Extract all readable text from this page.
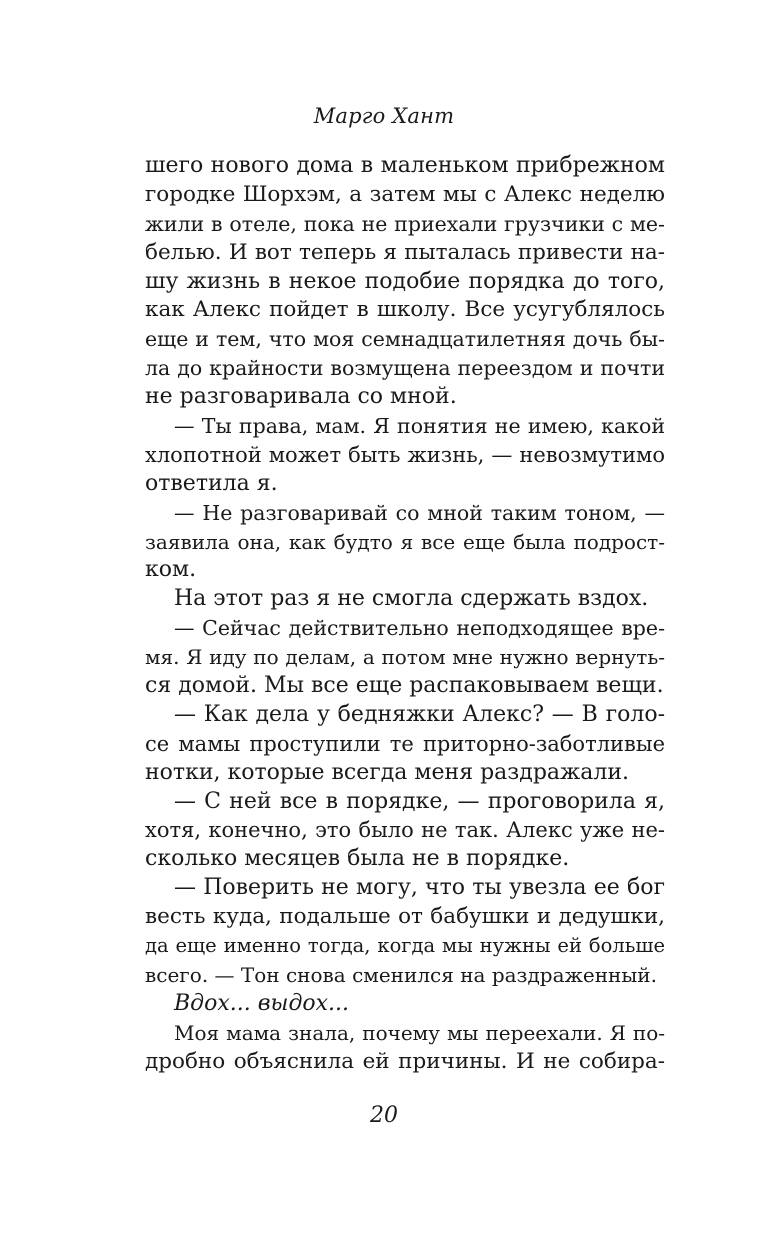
Марго Хант
шего нового дома в маленьком прибрежном
городке Шорхэм, а затем мы с Алекс неделю
жили в отеле, пока не приехали грузчики с ме-
белью. И вот теперь я пыталась привести на-
шу жизнь в некое подобие порядка до того,
как Алекс пойдет в школу. Все усугублялось
еще и тем, что моя семнадцатилетняя дочь бы-
ла до крайности возмущена переездом и почти
не разговаривала со мной.
— Ты права, мам. Я понятия не имею, какой
хлопотной может быть жизнь, — невозмутимо
ответила я.
— Не разговаривай со мной таким тоном, —
заявила она, как будто я все еще была подрост-
ком.
На этот раз я не смогла сдержать вздох.
— Сейчас действительно неподходящее вре-
мя. Я иду по делам, а потом мне нужно вернуть-
ся домой. Мы все еще распаковываем вещи.
— Как дела у бедняжки Алекс? — В голо-
се мамы проступили те приторно-заботливые
нотки, которые всегда меня раздражали.
— С ней все в порядке, — проговорила я,
хотя, конечно, это было не так. Алекс уже не-
сколько месяцев была не в порядке.
— Поверить не могу, что ты увезла ее бог
весть куда, подальше от бабушки и дедушки,
да еще именно тогда, когда мы нужны ей больше
всего. — Тон снова сменился на раздраженный.
Вдох... выдох...
Моя мама знала, почему мы переехали. Я по-
дробно объяснила ей причины. И не собира-
20
